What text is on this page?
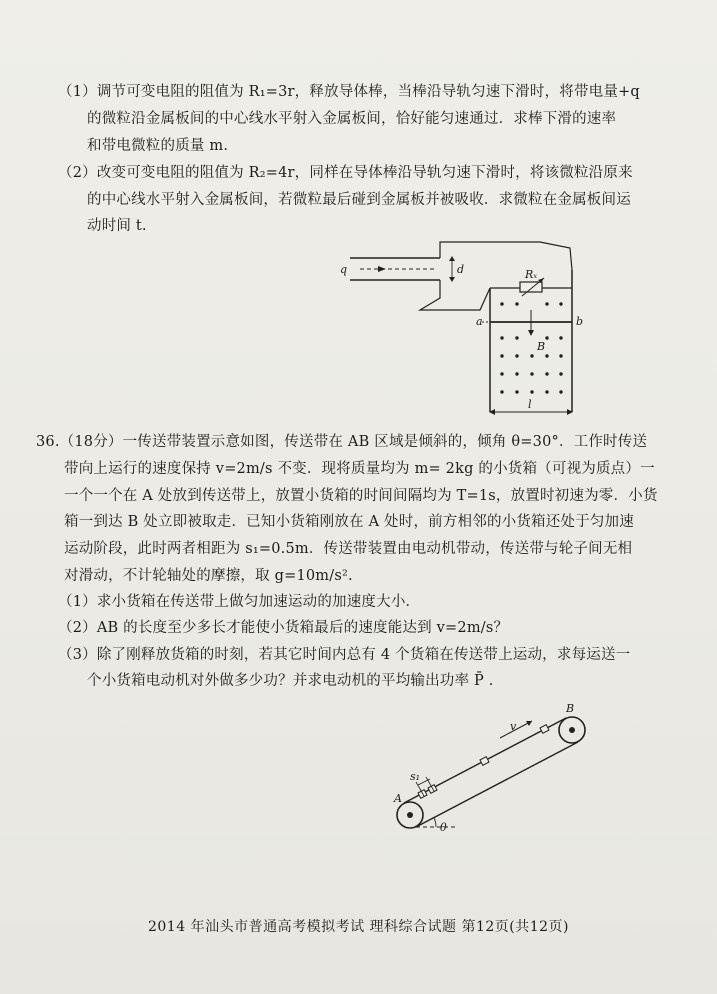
（1）调节可变电阻的阻值为 R₁=3r，释放导体棒，当棒沿导轨匀速下滑时，将带电量+q
的微粒沿金属板间的中心线水平射入金属板间，恰好能匀速通过．求棒下滑的速率
和带电微粒的质量 m.
（2）改变可变电阻的阻值为 R₂=4r，同样在导体棒沿导轨匀速下滑时，将该微粒沿原来
的中心线水平射入金属板间，若微粒最后碰到金属板并被吸收．求微粒在金属板间运
动时间 t.
q	d	Rₓ
a	b
B
l
36.（18分）一传送带装置示意如图，传送带在 AB 区域是倾斜的，倾角 θ=30°．工作时传送
带向上运行的速度保持 v=2m/s 不变．现将质量均为 m= 2kg 的小货箱（可视为质点）一
一个一个在 A 处放到传送带上，放置小货箱的时间间隔均为 T=1s，放置时初速为零．小货
箱一到达 B 处立即被取走．已知小货箱刚放在 A 处时，前方相邻的小货箱还处于匀加速
运动阶段，此时两者相距为 s₁=0.5m．传送带装置由电动机带动，传送带与轮子间无相
对滑动，不计轮轴处的摩擦，取 g=10m/s².
（1）求小货箱在传送带上做匀加速运动的加速度大小．
（2）AB 的长度至少多长才能使小货箱最后的速度能达到 v=2m/s？
（3）除了刚释放货箱的时刻，若其它时间内总有 4 个货箱在传送带上运动，求每运送一
个小货箱电动机对外做多少功？并求电动机的平均输出功率 P̄ .
A
B
v
s₁
θ
2014 年汕头市普通高考模拟考试 理科综合试题 第12页(共12页)
